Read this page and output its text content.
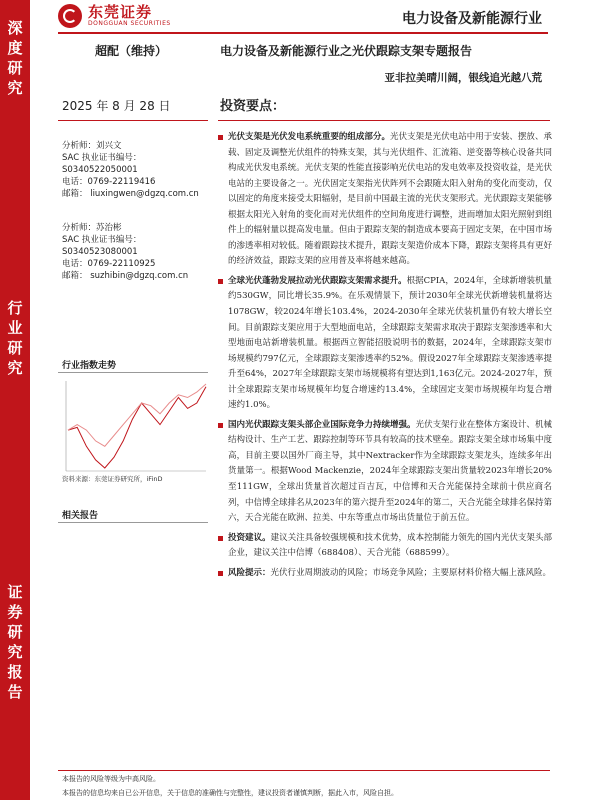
深
度
研
究
行
业
研
究
证
券
研
究
报
告
东莞证券
DONGGUAN SECURITIES	电力设备及新能源行业
超配（维持）	电力设备及新能源行业之光伏跟踪支架专题报告
亚非拉美晴川阔，银线追光越八荒
2025 年 8 月 28 日	投资要点：
分析师：刘兴文
SAC 执业证书编号：
S0340522050001
电话：0769-22119416
邮箱： liuxingwen@dgzq.com.cn
分析师：苏治彬
SAC 执业证书编号：
S0340523080001
电话：0769-22110925
邮箱： suzhibin@dgzq.com.cn
行业指数走势
资料来源：东莞证券研究所，iFinD
相关报告
光伏支架是光伏发电系统重要的组成部分。光伏支架是光伏电站中用于安装、摆放、承载、固定及调整光伏组件的特殊支架，其与光伏组件、汇流箱、逆变器等核心设备共同构成光伏发电系统。光伏支架的性能直接影响光伏电站的发电效率及投资收益，是光伏电站的主要设备之一。光伏固定支架指光伏阵列不会跟随太阳入射角的变化而变动，仅以固定的角度来接受太阳辐射，是目前中国最主流的光伏支架形式。光伏跟踪支架能够根据太阳光入射角的变化而对光伏组件的空间角度进行调整，进而增加太阳光照射到组件上的辐射量以提高发电量。但由于跟踪支架的制造成本要高于固定支架，在中国市场的渗透率相对较低。随着跟踪技术提升，跟踪支架造价成本下降，跟踪支架将具有更好的经济效益，跟踪支架的应用普及率将越来越高。
全球光伏蓬勃发展拉动光伏跟踪支架需求提升。根据CPIA，2024年，全球新增装机量约530GW，同比增长35.9%。在乐观情景下，预计2030年全球光伏新增装机量将达1078GW，较2024年增长103.4%，2024-2030年全球光伏装机量仍有较大增长空间。目前跟踪支架应用于大型地面电站，全球跟踪支架需求取决于跟踪支架渗透率和大型地面电站新增装机量。根据西立智能招股说明书的数据，2024年，全球跟踪支架市场规模约797亿元，全球跟踪支架渗透率约52%。假设2027年全球跟踪支架渗透率提升至64%，2027年全球跟踪支架市场规模将有望达到1,163亿元。2024-2027年，预计全球跟踪支架市场规模年均复合增速约13.4%，全球固定支架市场规模年均复合增速约1.0%。
国内光伏跟踪支架头部企业国际竞争力持续增强。光伏支架行业在整体方案设计、机械结构设计、生产工艺、跟踪控制等环节具有较高的技术壁垒。跟踪支架全球市场集中度高，目前主要以国外厂商主导，其中Nextracker作为全球跟踪支架龙头，连续多年出货量第一。根据Wood Mackenzie，2024年全球跟踪支架出货量较2023年增长20%至111GW，全球出货量首次超过百吉瓦，中信博和天合光能保持全球前十供应商名列，中信博全球排名从2023年的第六提升至2024年的第二，天合光能全球排名保持第六，天合光能在欧洲、拉美、中东等重点市场出货量位于前五位。
投资建议。建议关注具备较强规模和技术优势，成本控制能力领先的国内光伏支架头部企业，建议关注中信博（688408）、天合光能（688599）。
风险提示：光伏行业周期波动的风险；市场竞争风险；主要原材料价格大幅上涨风险。
本报告的风险等级为中高风险。
本报告的信息均来自已公开信息，关于信息的准确性与完整性，建议投资者谨慎判断，据此入市，风险自担。
